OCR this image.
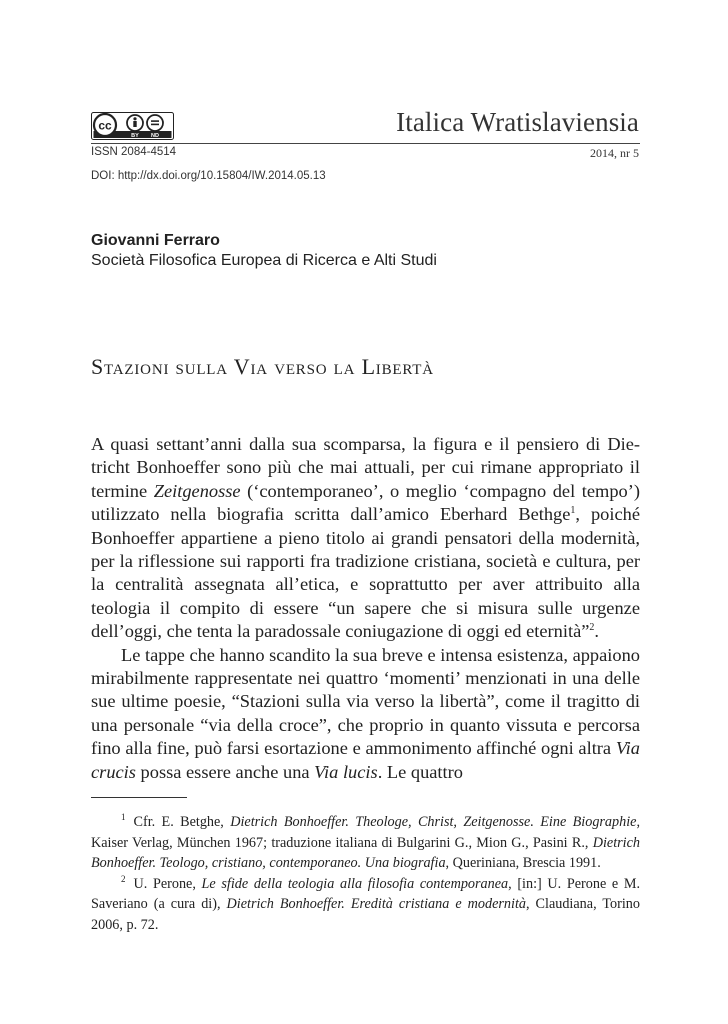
cc
BY ND	Italica Wratislaviensia
ISSN 2084-4514	2014, nr 5
DOI: http://dx.doi.org/10.15804/IW.2014.05.13
Giovanni Ferraro
Società Filosofica Europea di Ricerca e Alti Studi
Stazioni sulla Via verso la Libertà

A quasi settant’anni dalla sua scomparsa, la figura e il pensiero di Dietricht Bonhoeffer sono più che mai attuali, per cui rimane appropriato il termine Zeitgenosse (‘contemporaneo’, o meglio ‘compagno del tempo’) utilizzato nella biografia scritta dall’amico Eberhard Bethge$^1$, poiché Bonhoeffer appartiene a pieno titolo ai grandi pensatori della modernità, per la riflessione sui rapporti fra tradizione cristiana, società e cultura, per la centralità assegnata all’etica, e soprattutto per aver attribuito alla teologia il compito di essere “un sapere che si misura sulle urgenze dell’oggi, che tenta la paradossale coniugazione di oggi ed eternità”$^2$.

Le tappe che hanno scandito la sua breve e intensa esistenza, appaiono mirabilmente rappresentate nei quattro ‘momenti’ menzionati in una delle sue ultime poesie, “Stazioni sulla via verso la libertà”, come il tragitto di una personale “via della croce”, che proprio in quanto vissuta e percorsa fino alla fine, può farsi esortazione e ammonimento affinché ogni altra Via crucis possa essere anche una Via lucis. Le quattro

$^1$ Cfr. E. Betghe, Dietrich Bonhoeffer. Theologe, Christ, Zeitgenosse. Eine Biographie, Kaiser Verlag, München 1967; traduzione italiana di Bulgarini G., Mion G., Pasini R., Dietrich Bonhoeffer. Teologo, cristiano, contemporaneo. Una biografia, Queriniana, Brescia 1991.

$^2$ U. Perone, Le sfide della teologia alla filosofia contemporanea, [in:] U. Perone e M. Saveriano (a cura di), Dietrich Bonhoeffer. Eredità cristiana e modernità, Claudiana, Torino 2006, p. 72.
